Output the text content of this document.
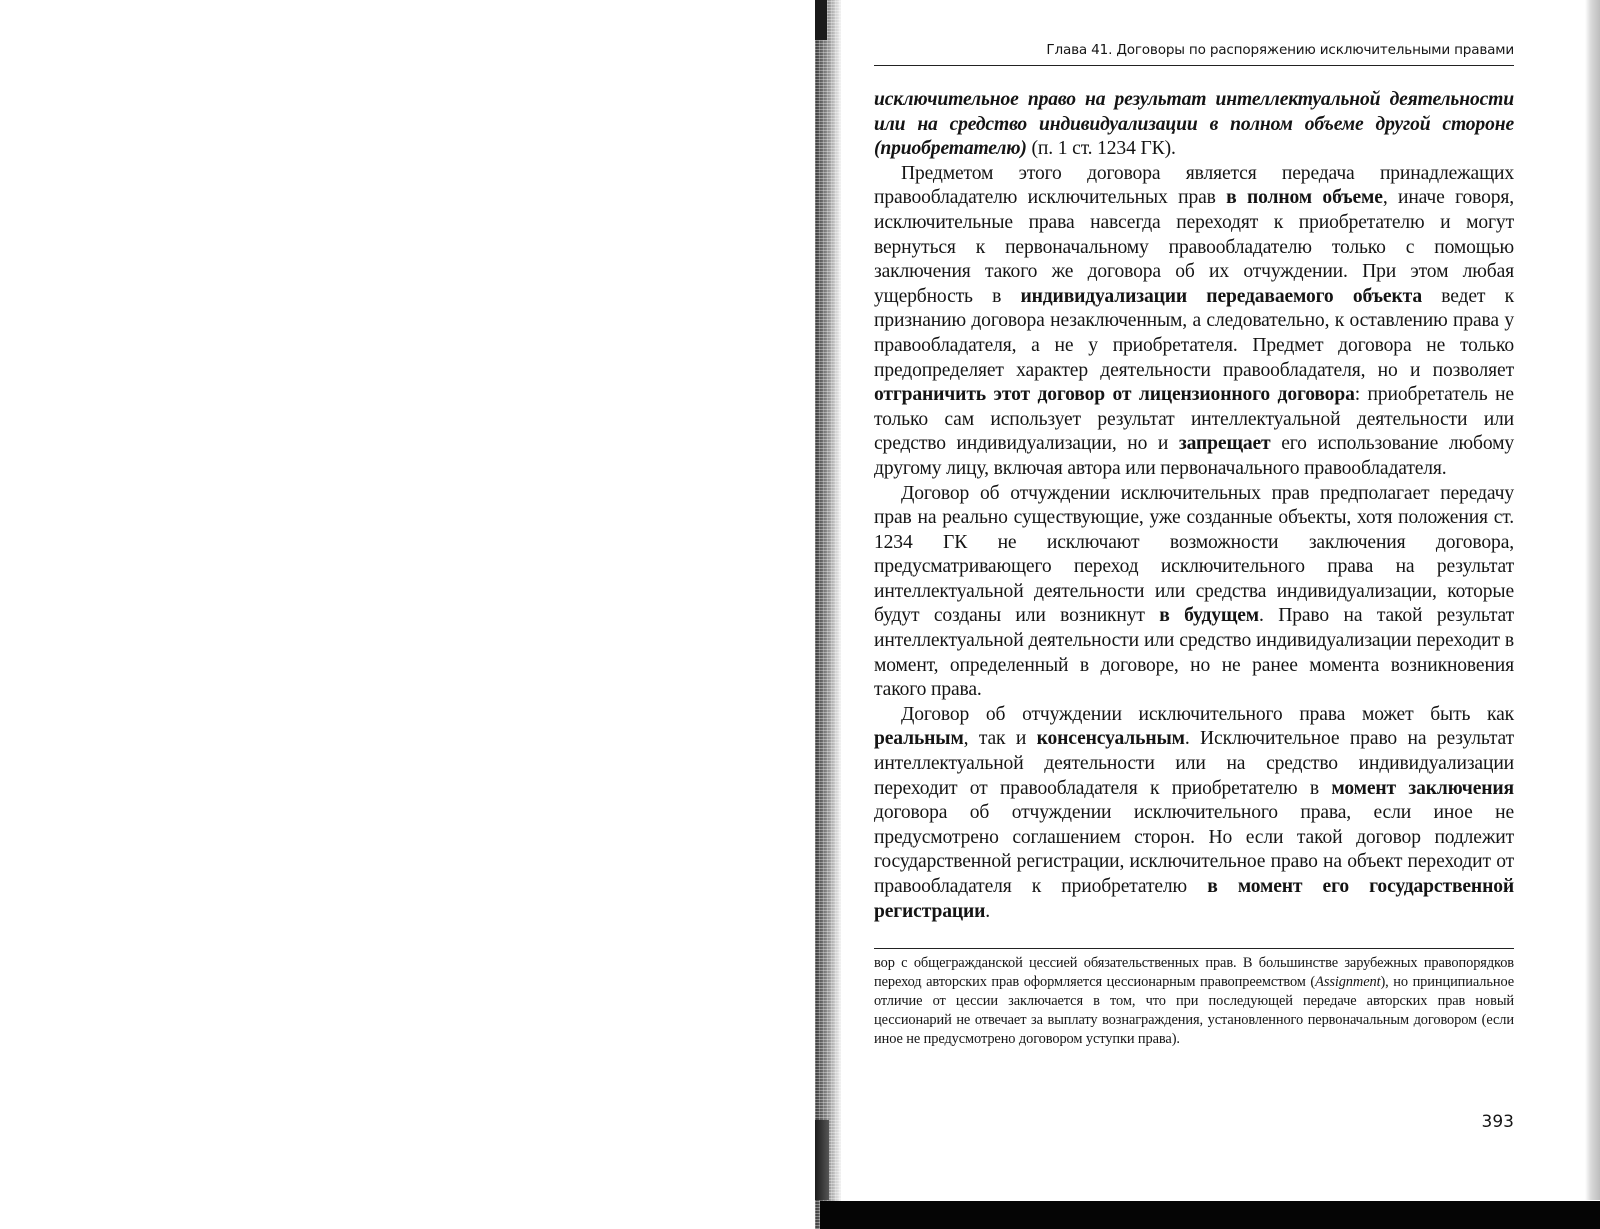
Глава 41. Договоры по распоряжению исключительными правами

исключительное право на результат интеллектуальной деятельности или на средство индивидуализации в полном объеме другой стороне (приобретателю) (п. 1 ст. 1234 ГК).

Предметом этого договора является передача принадлежащих правообладателю исключительных прав в полном объеме, иначе говоря, исключительные права навсегда переходят к приобретателю и могут вернуться к первоначальному правообладателю только с помощью заключения такого же договора об их отчуждении. При этом любая ущербность в индивидуализации передаваемого объекта ведет к признанию договора незаключенным, а следовательно, к оставлению права у правообладателя, а не у приобретателя. Предмет договора не только предопределяет характер деятельности правообладателя, но и позволяет отграничить этот договор от лицензионного договора: приобретатель не только сам использует результат интеллектуальной деятельности или средство индивидуализации, но и запрещает его использование любому другому лицу, включая автора или первоначального правообладателя.

Договор об отчуждении исключительных прав предполагает передачу прав на реально существующие, уже созданные объекты, хотя положения ст. 1234 ГК не исключают возможности заключения договора, предусматривающего переход исключительного права на результат интеллектуальной деятельности или средства индивидуализации, которые будут созданы или возникнут в будущем. Право на такой результат интеллектуальной деятельности или средство индивидуализации переходит в момент, определенный в договоре, но не ранее момента возникновения такого права.

Договор об отчуждении исключительного права может быть как реальным, так и консенсуальным. Исключительное право на результат интеллектуальной деятельности или на средство индивидуализации переходит от правообладателя к приобретателю в момент заключения договора об отчуждении исключительного права, если иное не предусмотрено соглашением сторон. Но если такой договор подлежит государственной регистрации, исключительное право на объект переходит от правообладателя к приобретателю в момент его государственной регистрации.

вор с общегражданской цессией обязательственных прав. В большинстве зарубежных правопорядков переход авторских прав оформляется цессионарным правопреемством (Assignment), но принципиальное отличие от цессии заключается в том, что при последующей передаче авторских прав новый цессионарий не отвечает за выплату вознаграждения, установленного первоначальным договором (если иное не предусмотрено договором уступки права).
393
